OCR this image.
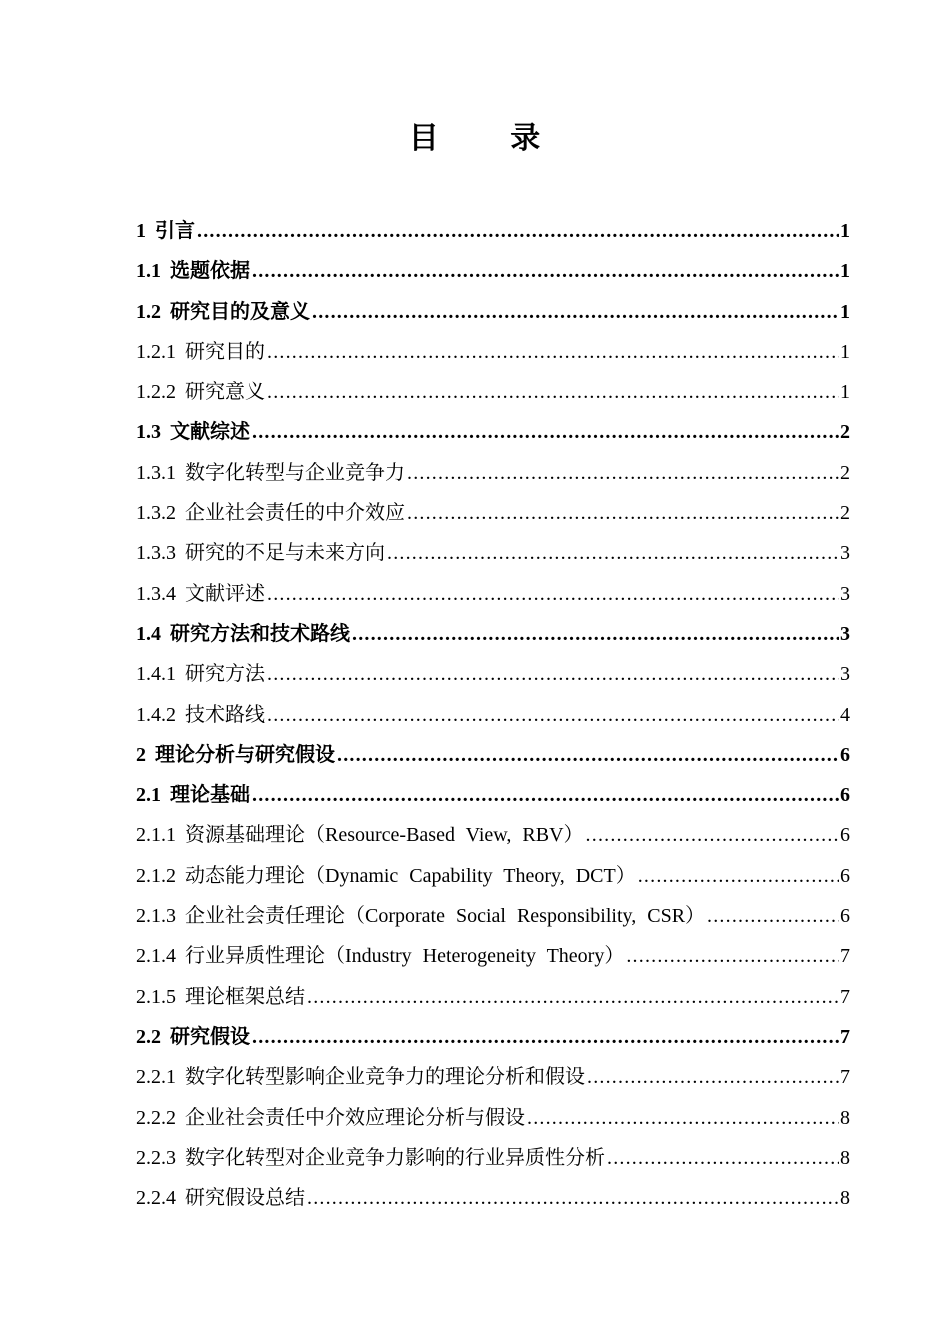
目 录
1 引言 .....	1
1.1 选题依据 .....	1
1.2 研究目的及意义 .....	1
1.2.1 研究目的 .....	1
1.2.2 研究意义 .....	1
1.3 文献综述 .....	2
1.3.1 数字化转型与企业竞争力 .....	2
1.3.2 企业社会责任的中介效应 .....	2
1.3.3 研究的不足与未来方向 .....	3
1.3.4 文献评述 .....	3
1.4 研究方法和技术路线 .....	3
1.4.1 研究方法 .....	3
1.4.2 技术路线 .....	4
2 理论分析与研究假设 .....	6
2.1 理论基础 .....	6
2.1.1 资源基础理论（Resource-Based View, RBV） .....	6
2.1.2 动态能力理论（Dynamic Capability Theory, DCT） .....	6
2.1.3 企业社会责任理论（Corporate Social Responsibility, CSR） .....	6
2.1.4 行业异质性理论（Industry Heterogeneity Theory） .....	7
2.1.5 理论框架总结 .....	7
2.2 研究假设 .....	7
2.2.1 数字化转型影响企业竞争力的理论分析和假设 .....	7
2.2.2 企业社会责任中介效应理论分析与假设 .....	8
2.2.3 数字化转型对企业竞争力影响的行业异质性分析 .....	8
2.2.4 研究假设总结 .....	8
